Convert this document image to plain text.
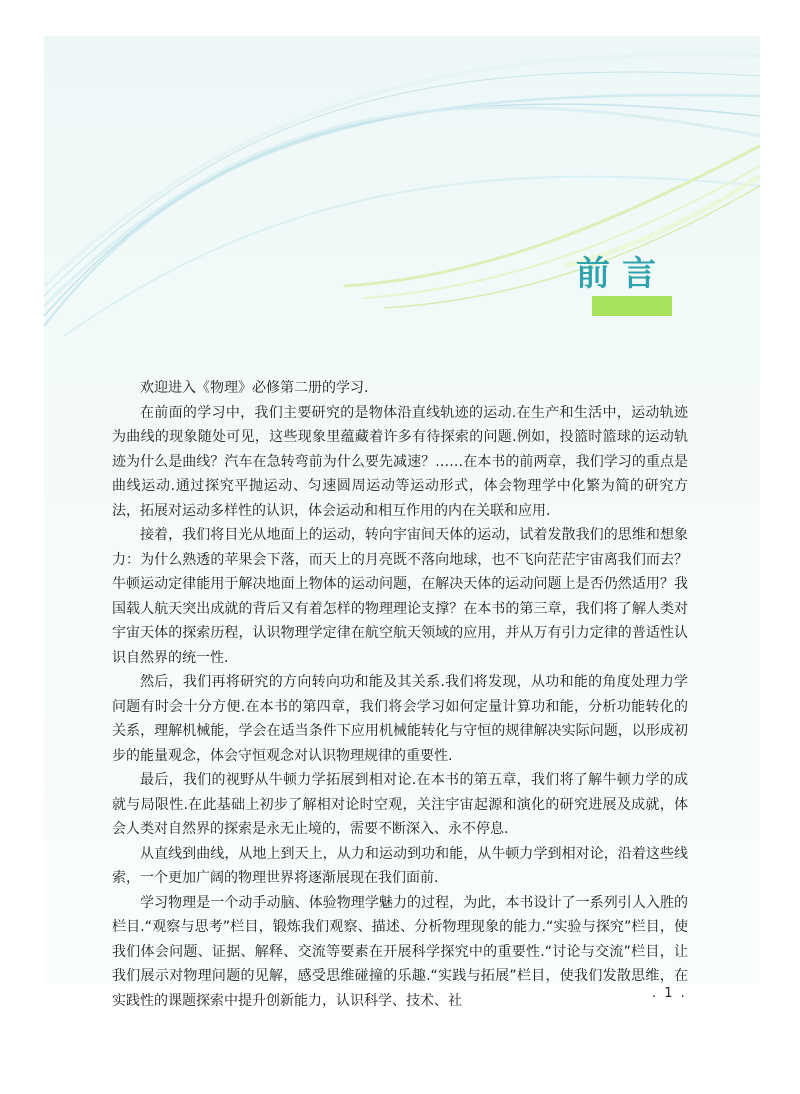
前言

欢迎进入《物理》必修第二册的学习.

在前面的学习中，我们主要研究的是物体沿直线轨迹的运动.在生产和生活中，运动轨迹为曲线的现象随处可见，这些现象里蕴藏着许多有待探索的问题.例如，投篮时篮球的运动轨迹为什么是曲线？汽车在急转弯前为什么要先减速？……在本书的前两章，我们学习的重点是曲线运动.通过探究平抛运动、匀速圆周运动等运动形式，体会物理学中化繁为简的研究方法，拓展对运动多样性的认识，体会运动和相互作用的内在关联和应用.

接着，我们将目光从地面上的运动，转向宇宙间天体的运动，试着发散我们的思维和想象力：为什么熟透的苹果会下落，而天上的月亮既不落向地球，也不飞向茫茫宇宙离我们而去？牛顿运动定律能用于解决地面上物体的运动问题，在解决天体的运动问题上是否仍然适用？我国载人航天突出成就的背后又有着怎样的物理理论支撑？在本书的第三章，我们将了解人类对宇宙天体的探索历程，认识物理学定律在航空航天领域的应用，并从万有引力定律的普适性认识自然界的统一性.

然后，我们再将研究的方向转向功和能及其关系.我们将发现，从功和能的角度处理力学问题有时会十分方便.在本书的第四章，我们将会学习如何定量计算功和能，分析功能转化的关系，理解机械能，学会在适当条件下应用机械能转化与守恒的规律解决实际问题，以形成初步的能量观念，体会守恒观念对认识物理规律的重要性.

最后，我们的视野从牛顿力学拓展到相对论.在本书的第五章，我们将了解牛顿力学的成就与局限性.在此基础上初步了解相对论时空观，关注宇宙起源和演化的研究进展及成就，体会人类对自然界的探索是永无止境的，需要不断深入、永不停息.

从直线到曲线，从地上到天上，从力和运动到功和能，从牛顿力学到相对论，沿着这些线索，一个更加广阔的物理世界将逐渐展现在我们面前.

学习物理是一个动手动脑、体验物理学魅力的过程，为此，本书设计了一系列引人入胜的栏目.“观察与思考”栏目，锻炼我们观察、描述、分析物理现象的能力.“实验与探究”栏目，使我们体会问题、证据、解释、交流等要素在开展科学探究中的重要性.“讨论与交流”栏目，让我们展示对物理问题的见解，感受思维碰撞的乐趣.“实践与拓展”栏目，使我们发散思维，在实践性的课题探索中提升创新能力，认识科学、技术、社	. 1 .
